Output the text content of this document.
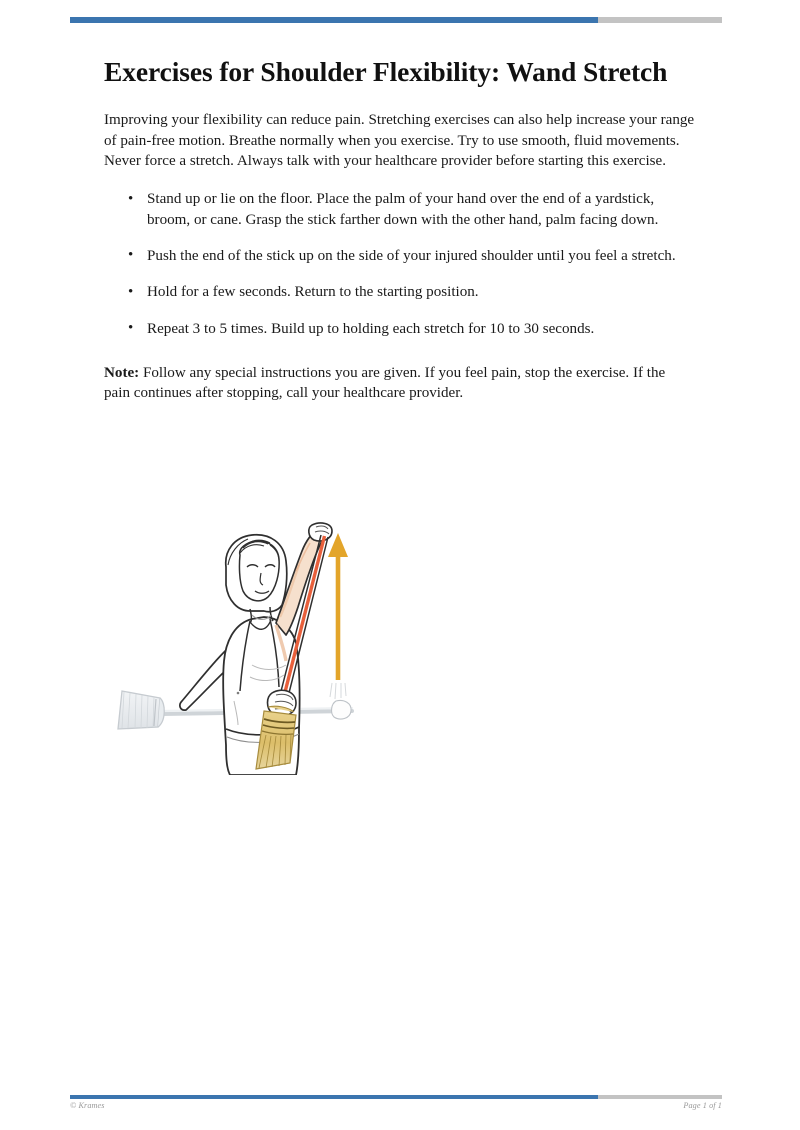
Exercises for Shoulder Flexibility: Wand Stretch

Improving your flexibility can reduce pain. Stretching exercises can also help increase your range of pain-free motion. Breathe normally when you exercise. Try to use smooth, fluid movements. Never force a stretch. Always talk with your healthcare provider before starting this exercise.

• Stand up or lie on the floor. Place the palm of your hand over the end of a yardstick, broom, or cane. Grasp the stick farther down with the other hand, palm facing down.
• Push the end of the stick up on the side of your injured shoulder until you feel a stretch.
• Hold for a few seconds. Return to the starting position.
• Repeat 3 to 5 times. Build up to holding each stretch for 10 to 30 seconds.

Note: Follow any special instructions you are given. If you feel pain, stop the exercise. If the pain continues after stopping, call your healthcare provider.

© Krames	Page 1 of 1
